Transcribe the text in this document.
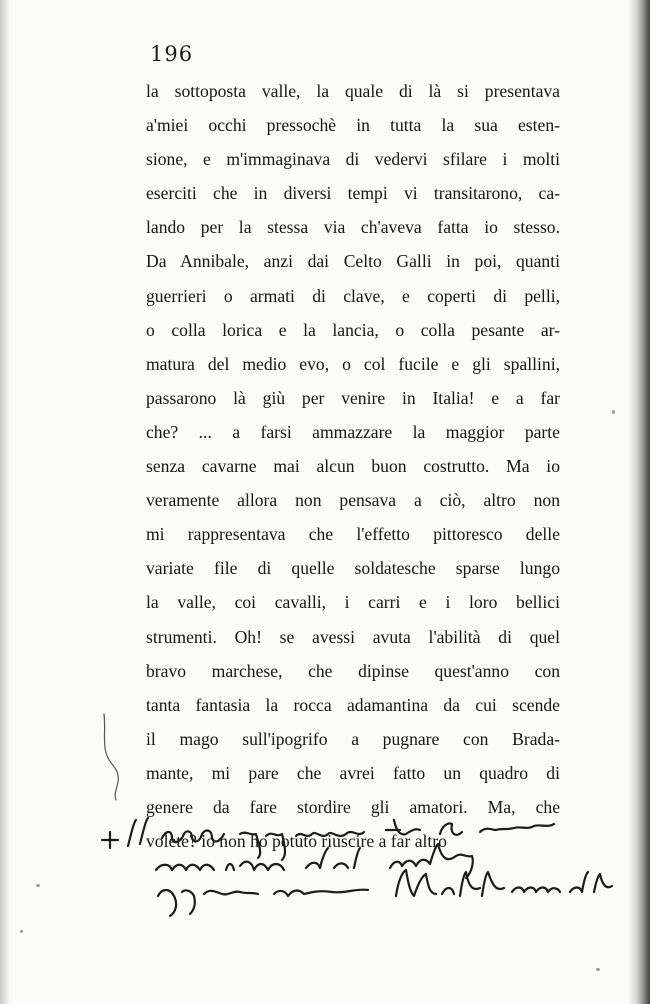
196
la sottoposta valle, la quale di là si presentava
a'miei occhi pressochè in tutta la sua esten-
sione, e m'immaginava di vedervi sfilare i molti
eserciti che in diversi tempi vi transitarono, ca-
lando per la stessa via ch'aveva fatta io stesso.
Da Annibale, anzi dai Celto Galli in poi, quanti
guerrieri o armati di clave, e coperti di pelli,
o colla lorica e la lancia, o colla pesante ar-
matura del medio evo, o col fucile e gli spallini,
passarono là giù per venire in Italia! e a far
che? ... a farsi ammazzare la maggior parte
senza cavarne mai alcun buon costrutto. Ma io
veramente allora non pensava a ciò, altro non
mi rappresentava che l'effetto pittoresco delle
variate file di quelle soldatesche sparse lungo
la valle, coi cavalli, i carri e i loro bellici
strumenti. Oh! se avessi avuta l'abilità di quel
bravo marchese, che dipinse quest'anno con
tanta fantasia la rocca adamantina da cui scende
il mago sull'ipogrifo a pugnare con Brada-
mante, mi pare che avrei fatto un quadro di
genere da fare stordire gli amatori. Ma, che
volete? io non ho potuto riuscire a far altro
